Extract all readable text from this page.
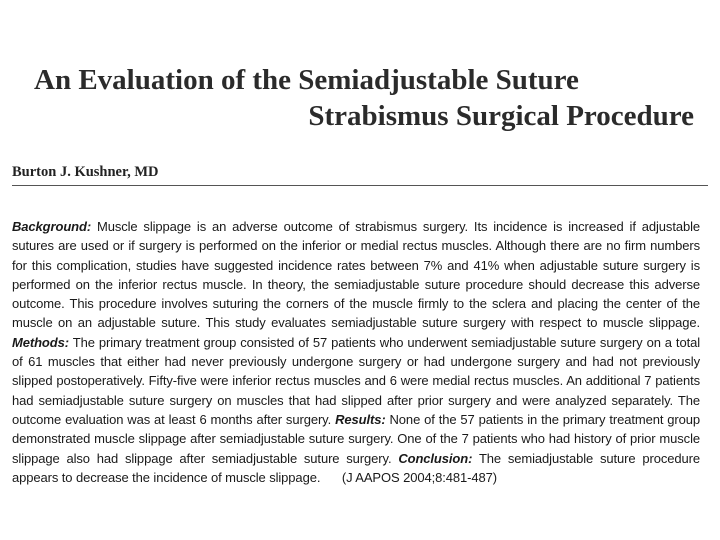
An Evaluation of the Semiadjustable Suture
Strabismus Surgical Procedure
Burton J. Kushner, MD
Background: Muscle slippage is an adverse outcome of strabismus surgery. Its incidence is increased if adjustable sutures are used or if surgery is performed on the inferior or medial rectus muscles. Although there are no firm numbers for this complication, studies have suggested incidence rates between 7% and 41% when adjustable suture surgery is performed on the inferior rectus muscle. In theory, the semiadjustable suture procedure should decrease this adverse outcome. This procedure involves suturing the corners of the muscle firmly to the sclera and placing the center of the muscle on an adjustable suture. This study evaluates semiadjustable suture surgery with respect to muscle slippage. Methods: The primary treatment group consisted of 57 patients who underwent semiadjustable suture surgery on a total of 61 muscles that either had never previously undergone surgery or had undergone surgery and had not previously slipped postoperatively. Fifty-five were inferior rectus muscles and 6 were medial rectus muscles. An additional 7 patients had semiadjustable suture surgery on muscles that had slipped after prior surgery and were analyzed separately. The outcome evaluation was at least 6 months after surgery. Results: None of the 57 patients in the primary treatment group demonstrated muscle slippage after semiadjustable suture surgery. One of the 7 patients who had history of prior muscle slippage also had slippage after semiadjustable suture surgery. Conclusion: The semiadjustable suture procedure appears to decrease the incidence of muscle slippage. (J AAPOS 2004;8:481-487)
